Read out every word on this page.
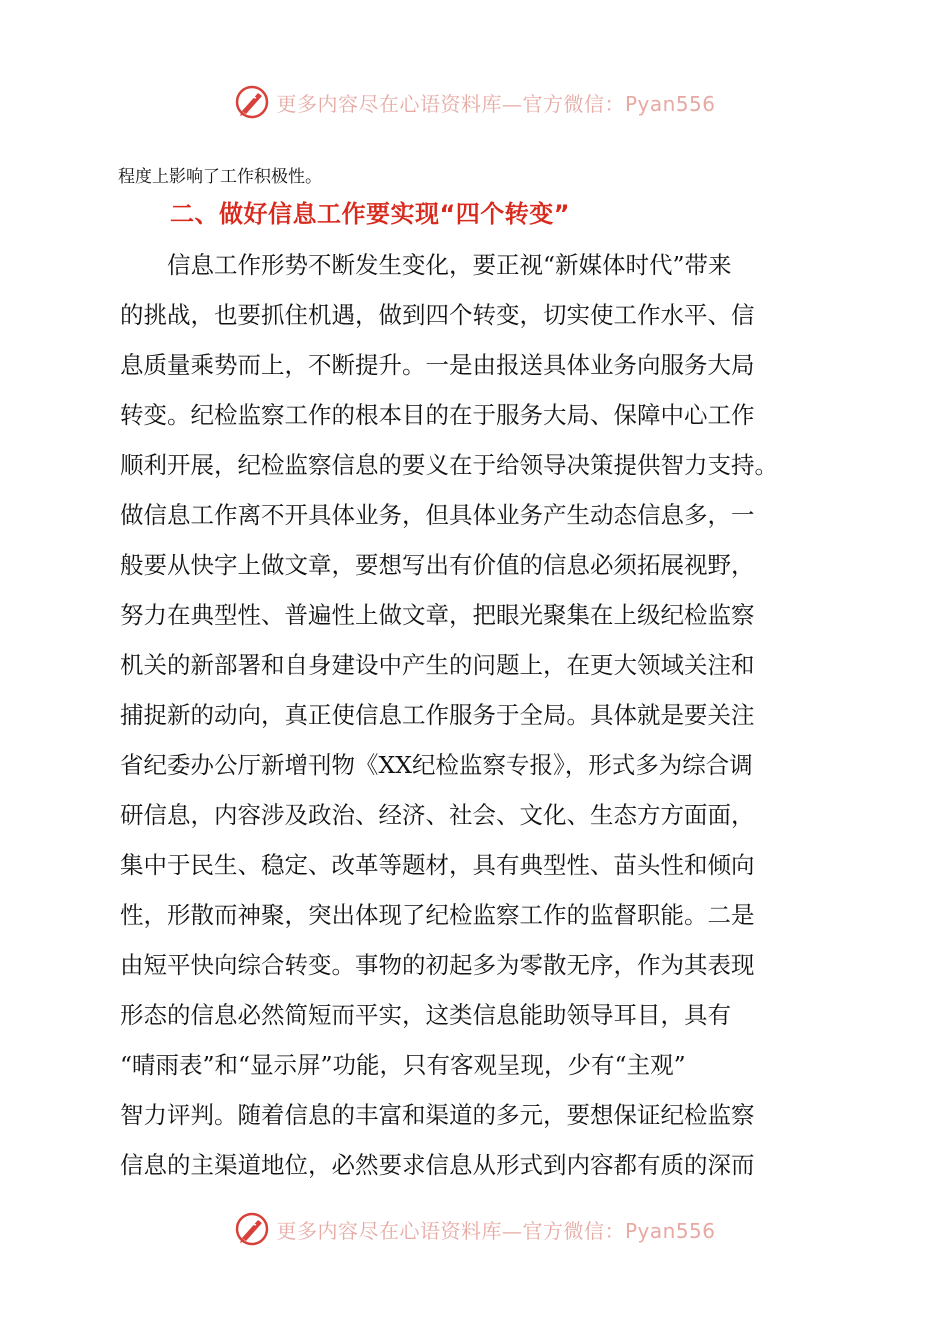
更多内容尽在心语资料库—官方微信：Pyan556
程度上影响了工作积极性。
二、做好信息工作要实现“四个转变”
　　信息工作形势不断发生变化，要正视“新媒体时代”带来
的挑战，也要抓住机遇，做到四个转变，切实使工作水平、信
息质量乘势而上，不断提升。一是由报送具体业务向服务大局
转变。纪检监察工作的根本目的在于服务大局、保障中心工作
顺利开展，纪检监察信息的要义在于给领导决策提供智力支持。
做信息工作离不开具体业务，但具体业务产生动态信息多，一
般要从快字上做文章，要想写出有价值的信息必须拓展视野，
努力在典型性、普遍性上做文章，把眼光聚集在上级纪检监察
机关的新部署和自身建设中产生的问题上，在更大领域关注和
捕捉新的动向，真正使信息工作服务于全局。具体就是要关注
省纪委办公厅新增刊物《XX纪检监察专报》，形式多为综合调
研信息，内容涉及政治、经济、社会、文化、生态方方面面，
集中于民生、稳定、改革等题材，具有典型性、苗头性和倾向
性，形散而神聚，突出体现了纪检监察工作的监督职能。二是
由短平快向综合转变。事物的初起多为零散无序，作为其表现
形态的信息必然简短而平实，这类信息能助领导耳目，具有
“晴雨表”和“显示屏”功能，只有客观呈现，少有“主观”
智力评判。随着信息的丰富和渠道的多元，要想保证纪检监察
信息的主渠道地位，必然要求信息从形式到内容都有质的深而
更多内容尽在心语资料库—官方微信：Pyan556
